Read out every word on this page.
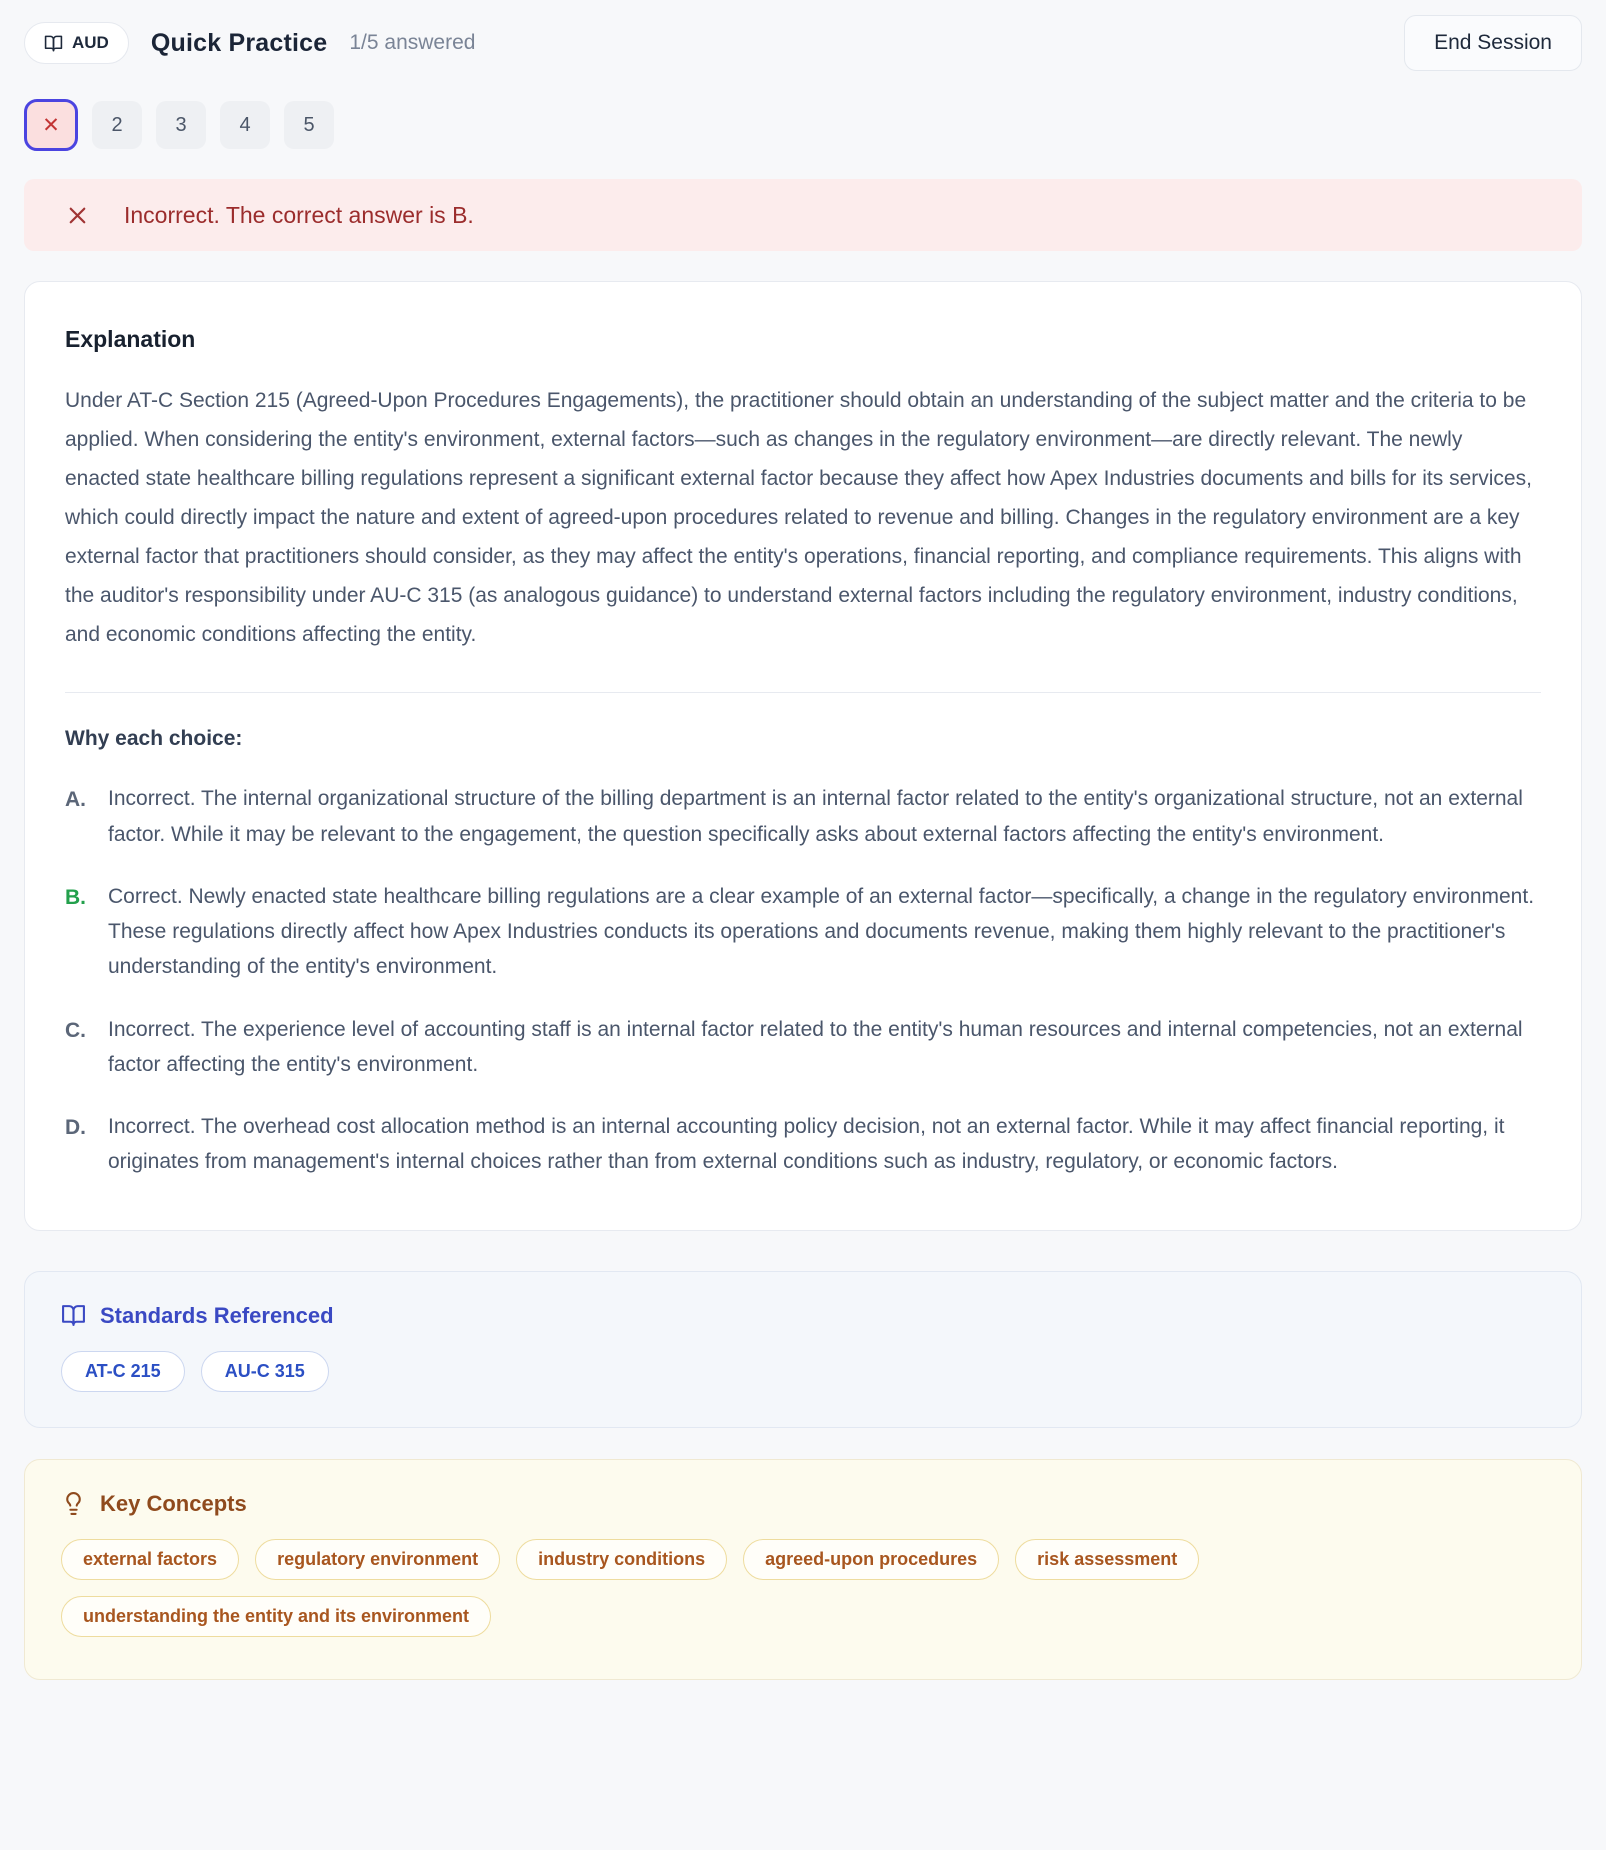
AUD Quick Practice 1/5 answered	End Session
✕	2	3	4	5
Incorrect. The correct answer is B.
Explanation

Under AT-C Section 215 (Agreed-Upon Procedures Engagements), the practitioner should obtain an understanding of the subject matter and the criteria to be applied. When considering the entity's environment, external factors—such as changes in the regulatory environment—are directly relevant. The newly enacted state healthcare billing regulations represent a significant external factor because they affect how Apex Industries documents and bills for its services, which could directly impact the nature and extent of agreed-upon procedures related to revenue and billing. Changes in the regulatory environment are a key external factor that practitioners should consider, as they may affect the entity's operations, financial reporting, and compliance requirements. This aligns with the auditor's responsibility under AU-C 315 (as analogous guidance) to understand external factors including the regulatory environment, industry conditions, and economic conditions affecting the entity.

Why each choice:

A.	Incorrect. The internal organizational structure of the billing department is an internal factor related to the entity's organizational structure, not an external factor. While it may be relevant to the engagement, the question specifically asks about external factors affecting the entity's environment.
B.	Correct. Newly enacted state healthcare billing regulations are a clear example of an external factor—specifically, a change in the regulatory environment. These regulations directly affect how Apex Industries conducts its operations and documents revenue, making them highly relevant to the practitioner's understanding of the entity's environment.
C.	Incorrect. The experience level of accounting staff is an internal factor related to the entity's human resources and internal competencies, not an external factor affecting the entity's environment.
D.	Incorrect. The overhead cost allocation method is an internal accounting policy decision, not an external factor. While it may affect financial reporting, it originates from management's internal choices rather than from external conditions such as industry, regulatory, or economic factors.
Standards Referenced
AT-C 215	AU-C 315
Key Concepts
external factors	regulatory environment	industry conditions	agreed-upon procedures	risk assessment
understanding the entity and its environment
